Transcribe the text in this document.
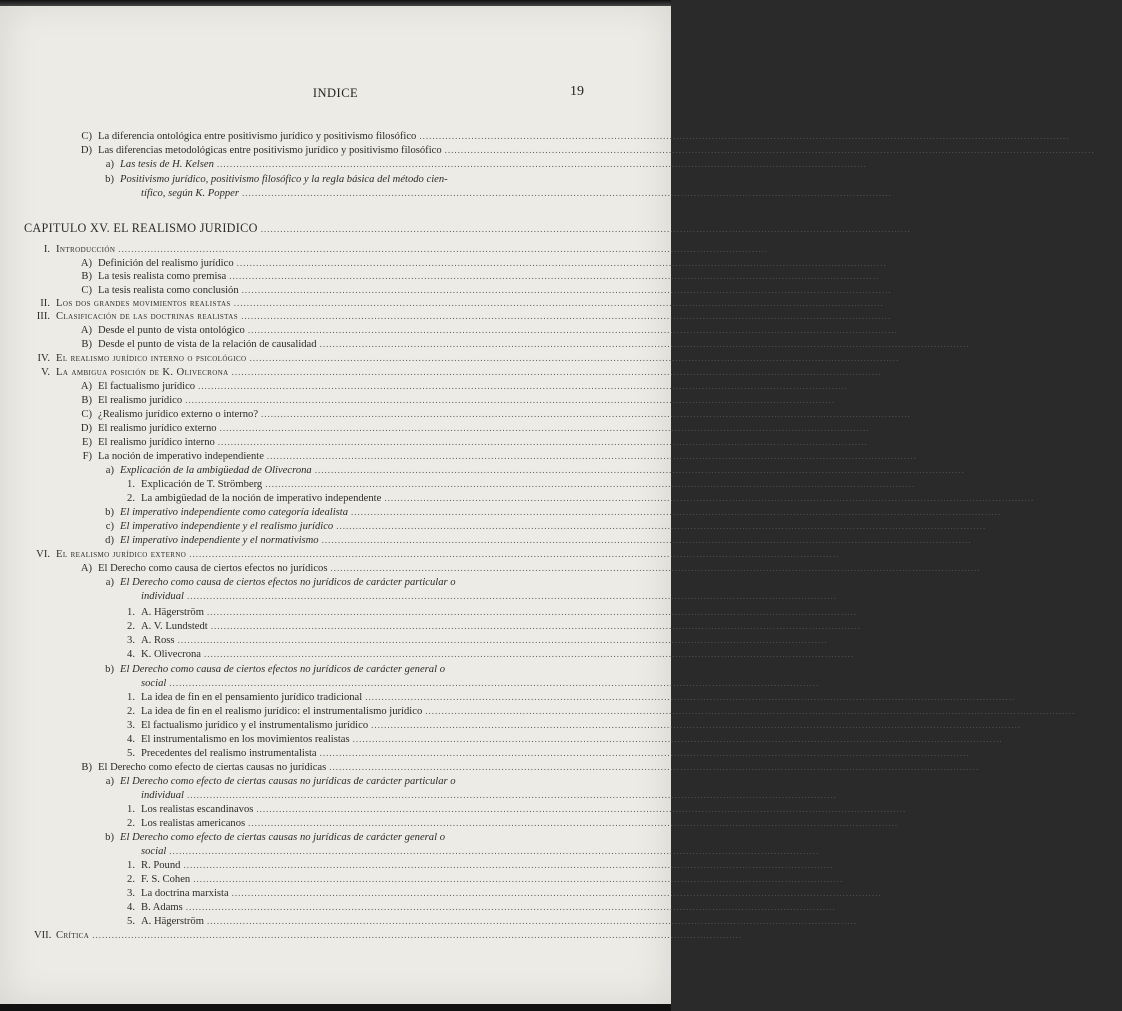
INDICE	19
C) La diferencia ontológica entre positivismo jurídico y positivismo filosófico ........................................................................................................................................................................................................	250
D) Las diferencias metodológicas entre positivismo jurídico y positivismo filosófico ........................................................................................................................................................................................................	250
a) Las tesis de H. Kelsen ........................................................................................................................................................................................................	250
b) Positivismo jurídico, positivismo filosófico y la regla básica del método cien-
tífico, según K. Popper ........................................................................................................................................................................................................	250
CAPITULO XV. EL REALISMO JURIDICO ........................................................................................................................................................................................................	252
I. Introducción ........................................................................................................................................................................................................	252
A) Definición del realismo jurídico ........................................................................................................................................................................................................	252
B) La tesis realista como premisa ........................................................................................................................................................................................................	252
C) La tesis realista como conclusión ........................................................................................................................................................................................................	252
II. Los dos grandes movimientos realistas ........................................................................................................................................................................................................	253
III. Clasificación de las doctrinas realistas ........................................................................................................................................................................................................	254
A) Desde el punto de vista ontológico ........................................................................................................................................................................................................	254
B) Desde el punto de vista de la relación de causalidad ........................................................................................................................................................................................................	254
IV. El realismo jurídico interno o psicológico ........................................................................................................................................................................................................	255
V. La ambigua posición de K. Olivecrona ........................................................................................................................................................................................................	255
A) El factualismo jurídico ........................................................................................................................................................................................................	255
B) El realismo jurídico ........................................................................................................................................................................................................	256
C) ¿Realismo jurídico externo o interno? ........................................................................................................................................................................................................	256
D) El realismo jurídico externo ........................................................................................................................................................................................................	257
E) El realismo jurídico interno ........................................................................................................................................................................................................	257
F) La noción de imperativo independiente ........................................................................................................................................................................................................	258
a) Explicación de la ambigüedad de Olivecrona ........................................................................................................................................................................................................	258
1. Explicación de T. Strömberg ........................................................................................................................................................................................................	258
2. La ambigüedad de la noción de imperativo independente ........................................................................................................................................................................................................	258
b) El imperativo independiente como categoría idealista ........................................................................................................................................................................................................	259
c) El imperativo independiente y el realismo jurídico ........................................................................................................................................................................................................	259
d) El imperativo independiente y el normativismo ........................................................................................................................................................................................................	260
VI. El realismo jurídico externo ........................................................................................................................................................................................................	260
A) El Derecho como causa de ciertos efectos no jurídicos ........................................................................................................................................................................................................	260
a) El Derecho como causa de ciertos efectos no jurídicos de carácter particular o
individual ........................................................................................................................................................................................................	260
1. A. Hägerström ........................................................................................................................................................................................................	260
2. A. V. Lundstedt ........................................................................................................................................................................................................	261
3. A. Ross ........................................................................................................................................................................................................	262
4. K. Olivecrona ........................................................................................................................................................................................................	263
b) El Derecho como causa de ciertos efectos no jurídicos de carácter general o
social ........................................................................................................................................................................................................	263
1. La idea de fin en el pensamiento jurídico tradicional ........................................................................................................................................................................................................	264
2. La idea de fin en el realismo jurídico: el instrumentalismo jurídico ........................................................................................................................................................................................................	264
3. El factualismo jurídico y el instrumentalismo jurídico ........................................................................................................................................................................................................	264
4. El instrumentalismo en los movimientos realistas ........................................................................................................................................................................................................	265
5. Precedentes del realismo instrumentalista ........................................................................................................................................................................................................	269
B) El Derecho como efecto de ciertas causas no jurídicas ........................................................................................................................................................................................................	272
a) El Derecho como efecto de ciertas causas no jurídicas de carácter particular o
individual ........................................................................................................................................................................................................	272
1. Los realistas escandinavos ........................................................................................................................................................................................................	272
2. Los realistas americanos ........................................................................................................................................................................................................	273
b) El Derecho como efecto de ciertas causas no jurídicas de carácter general o
social ........................................................................................................................................................................................................	275
1. R. Pound ........................................................................................................................................................................................................	275
2. F. S. Cohen ........................................................................................................................................................................................................	275
3. La doctrina marxista ........................................................................................................................................................................................................	276
4. B. Adams ........................................................................................................................................................................................................	276
5. A. Hägerström ........................................................................................................................................................................................................	277
VII. Crítica ........................................................................................................................................................................................................	277
